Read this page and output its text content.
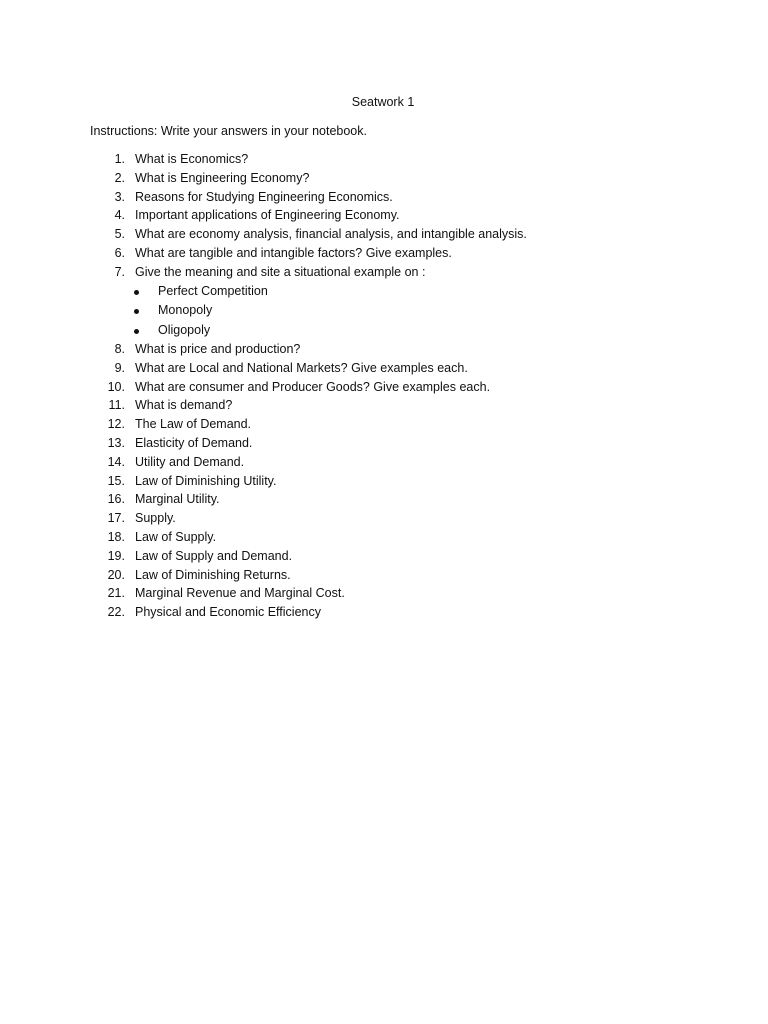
Seatwork 1
Instructions: Write your answers in your notebook.
1. What is Economics?
2. What is Engineering Economy?
3. Reasons for Studying Engineering Economics.
4. Important applications of Engineering Economy.
5. What are economy analysis, financial analysis, and intangible analysis.
6. What are tangible and intangible factors? Give examples.
7. Give the meaning and site a situational example on :
Perfect Competition
Monopoly
Oligopoly
8. What is price and production?
9. What are Local and National Markets? Give examples each.
10. What are consumer and Producer Goods? Give examples each.
11. What is demand?
12. The Law of Demand.
13. Elasticity of Demand.
14. Utility and Demand.
15. Law of Diminishing Utility.
16. Marginal Utility.
17. Supply.
18. Law of Supply.
19. Law of Supply and Demand.
20. Law of Diminishing Returns.
21. Marginal Revenue and Marginal Cost.
22. Physical and Economic Efficiency
